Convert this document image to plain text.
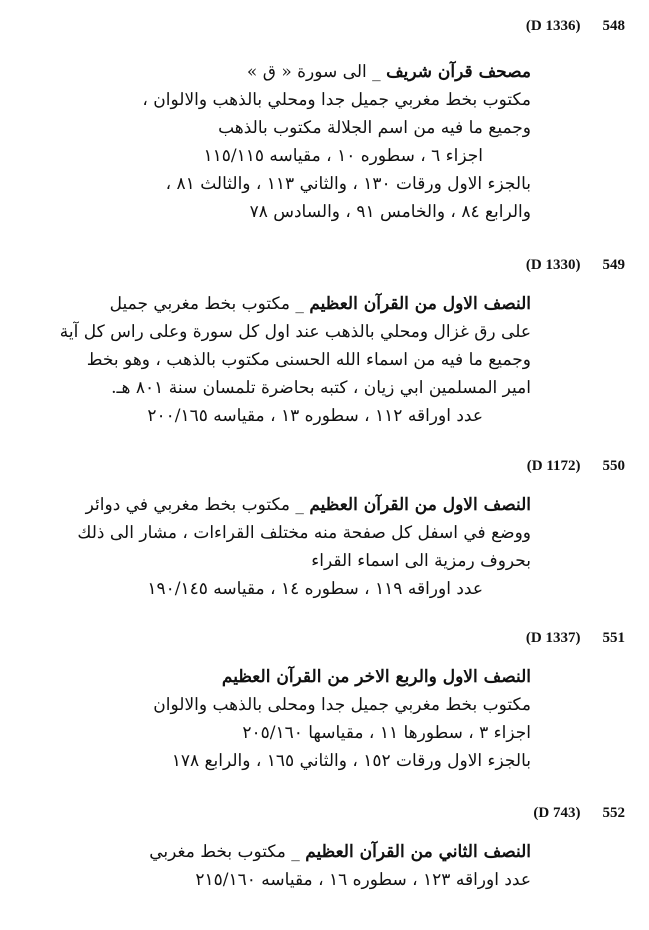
(D 1336) 548
مصحف قرآن شريف _ الى سورة « ق »
مكتوب بخط مغربي جميل جدا ومحلي بالذهب والالوان ،
وجميع ما فيه من اسم الجلالة مكتوب بالذهب
اجزاء ٦ ، سطوره ١٠ ، مقياسه ١١٥/١١٥
بالجزء الاول ورقات ١٣٠ ، والثاني ١١٣ ، والثالث ٨١ ،
والرابع ٨٤ ، والخامس ٩١ ، والسادس ٧٨
(D 1330) 549
النصف الاول من القرآن العظيم _ مكتوب بخط مغربي جميل
على رق غزال ومحلي بالذهب عند اول كل سورة وعلى راس كل آية
وجميع ما فيه من اسماء الله الحسنى مكتوب بالذهب ، وهو بخط
امير المسلمين ابي زيان ، كتبه بحاضرة تلمسان سنة ٨٠١ هـ.
عدد اوراقه ١١٢ ، سطوره ١٣ ، مقياسه ٢٠٠/١٦٥
(D 1172) 550
النصف الاول من القرآن العظيم _ مكتوب بخط مغربي في دوائر
ووضع في اسفل كل صفحة منه مختلف القراءات ، مشار الى ذلك
بحروف رمزية الى اسماء القراء
عدد اوراقه ١١٩ ، سطوره ١٤ ، مقياسه ١٩٠/١٤٥
(D 1337) 551
النصف الاول والربع الاخر من القرآن العظيم
مكتوب بخط مغربي جميل جدا ومحلى بالذهب والالوان
اجزاء ٣ ، سطورها ١١ ، مقياسها ٢٠٥/١٦٠
بالجزء الاول ورقات ١٥٢ ، والثاني ١٦٥ ، والرابع ١٧٨
(D 743) 552
النصف الثاني من القرآن العظيم _ مكتوب بخط مغربي
عدد اوراقه ١٢٣ ، سطوره ١٦ ، مقياسه ٢١٥/١٦٠
